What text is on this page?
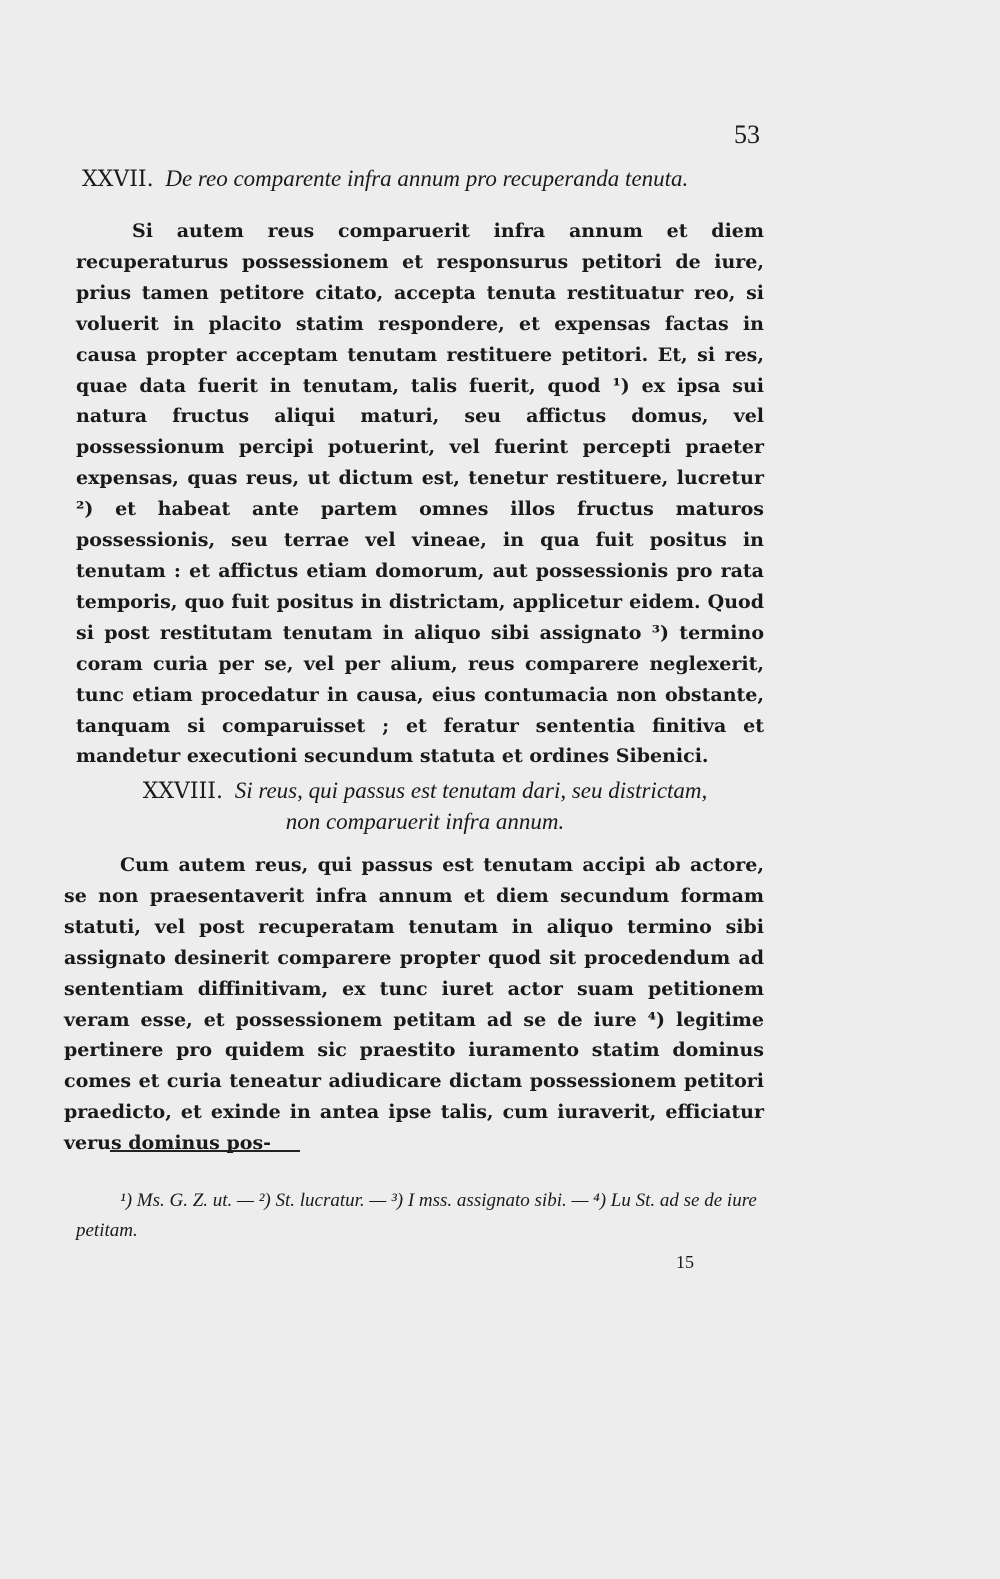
53
XXVII. De reo comparente infra annum pro recuperanda tenuta.
Si autem reus comparuerit infra annum et diem recuperaturus possessionem et responsurus petitori de iure, prius tamen petitore citato, accepta tenuta restituatur reo, si voluerit in placito statim respondere, et expensas factas in causa propter acceptam tenutam restituere petitori. Et, si res, quae data fuerit in tenutam, talis fuerit, quod ¹) ex ipsa sui natura fructus aliqui maturi, seu affictus domus, vel possessionum percipi potuerint, vel fuerint percepti praeter expensas, quas reus, ut dictum est, tenetur restituere, lucretur ²) et habeat ante partem omnes illos fructus maturos possessionis, seu terrae vel vineae, in qua fuit positus in tenutam : et affictus etiam domorum, aut possessionis pro rata temporis, quo fuit positus in districtam, applicetur eidem. Quod si post restitutam tenutam in aliquo sibi assignato ³) termino coram curia per se, vel per alium, reus comparere neglexerit, tunc etiam procedatur in causa, eius contumacia non obstante, tanquam si comparuisset ; et feratur sententia finitiva et mandetur executioni secundum statuta et ordines Sibenici.
XXVIII. Si reus, qui passus est tenutam dari, seu districtam,
non comparuerit infra annum.
Cum autem reus, qui passus est tenutam accipi ab actore, se non praesentaverit infra annum et diem secundum formam statuti, vel post recuperatam tenutam in aliquo termino sibi assignato desinerit comparere propter quod sit procedendum ad sententiam diffinitivam, ex tunc iuret actor suam petitionem veram esse, et possessionem petitam ad se de iure ⁴) legitime pertinere pro quidem sic praestito iuramento statim dominus comes et curia teneatur adiudicare dictam possessionem petitori praedicto, et exinde in antea ipse talis, cum iuraverit, efficiatur verus dominus pos-
¹) Ms. G. Z. ut. — ²) St. lucratur. — ³) I mss. assignato sibi. — ⁴) Lu St. ad se de iure petitam.
15
